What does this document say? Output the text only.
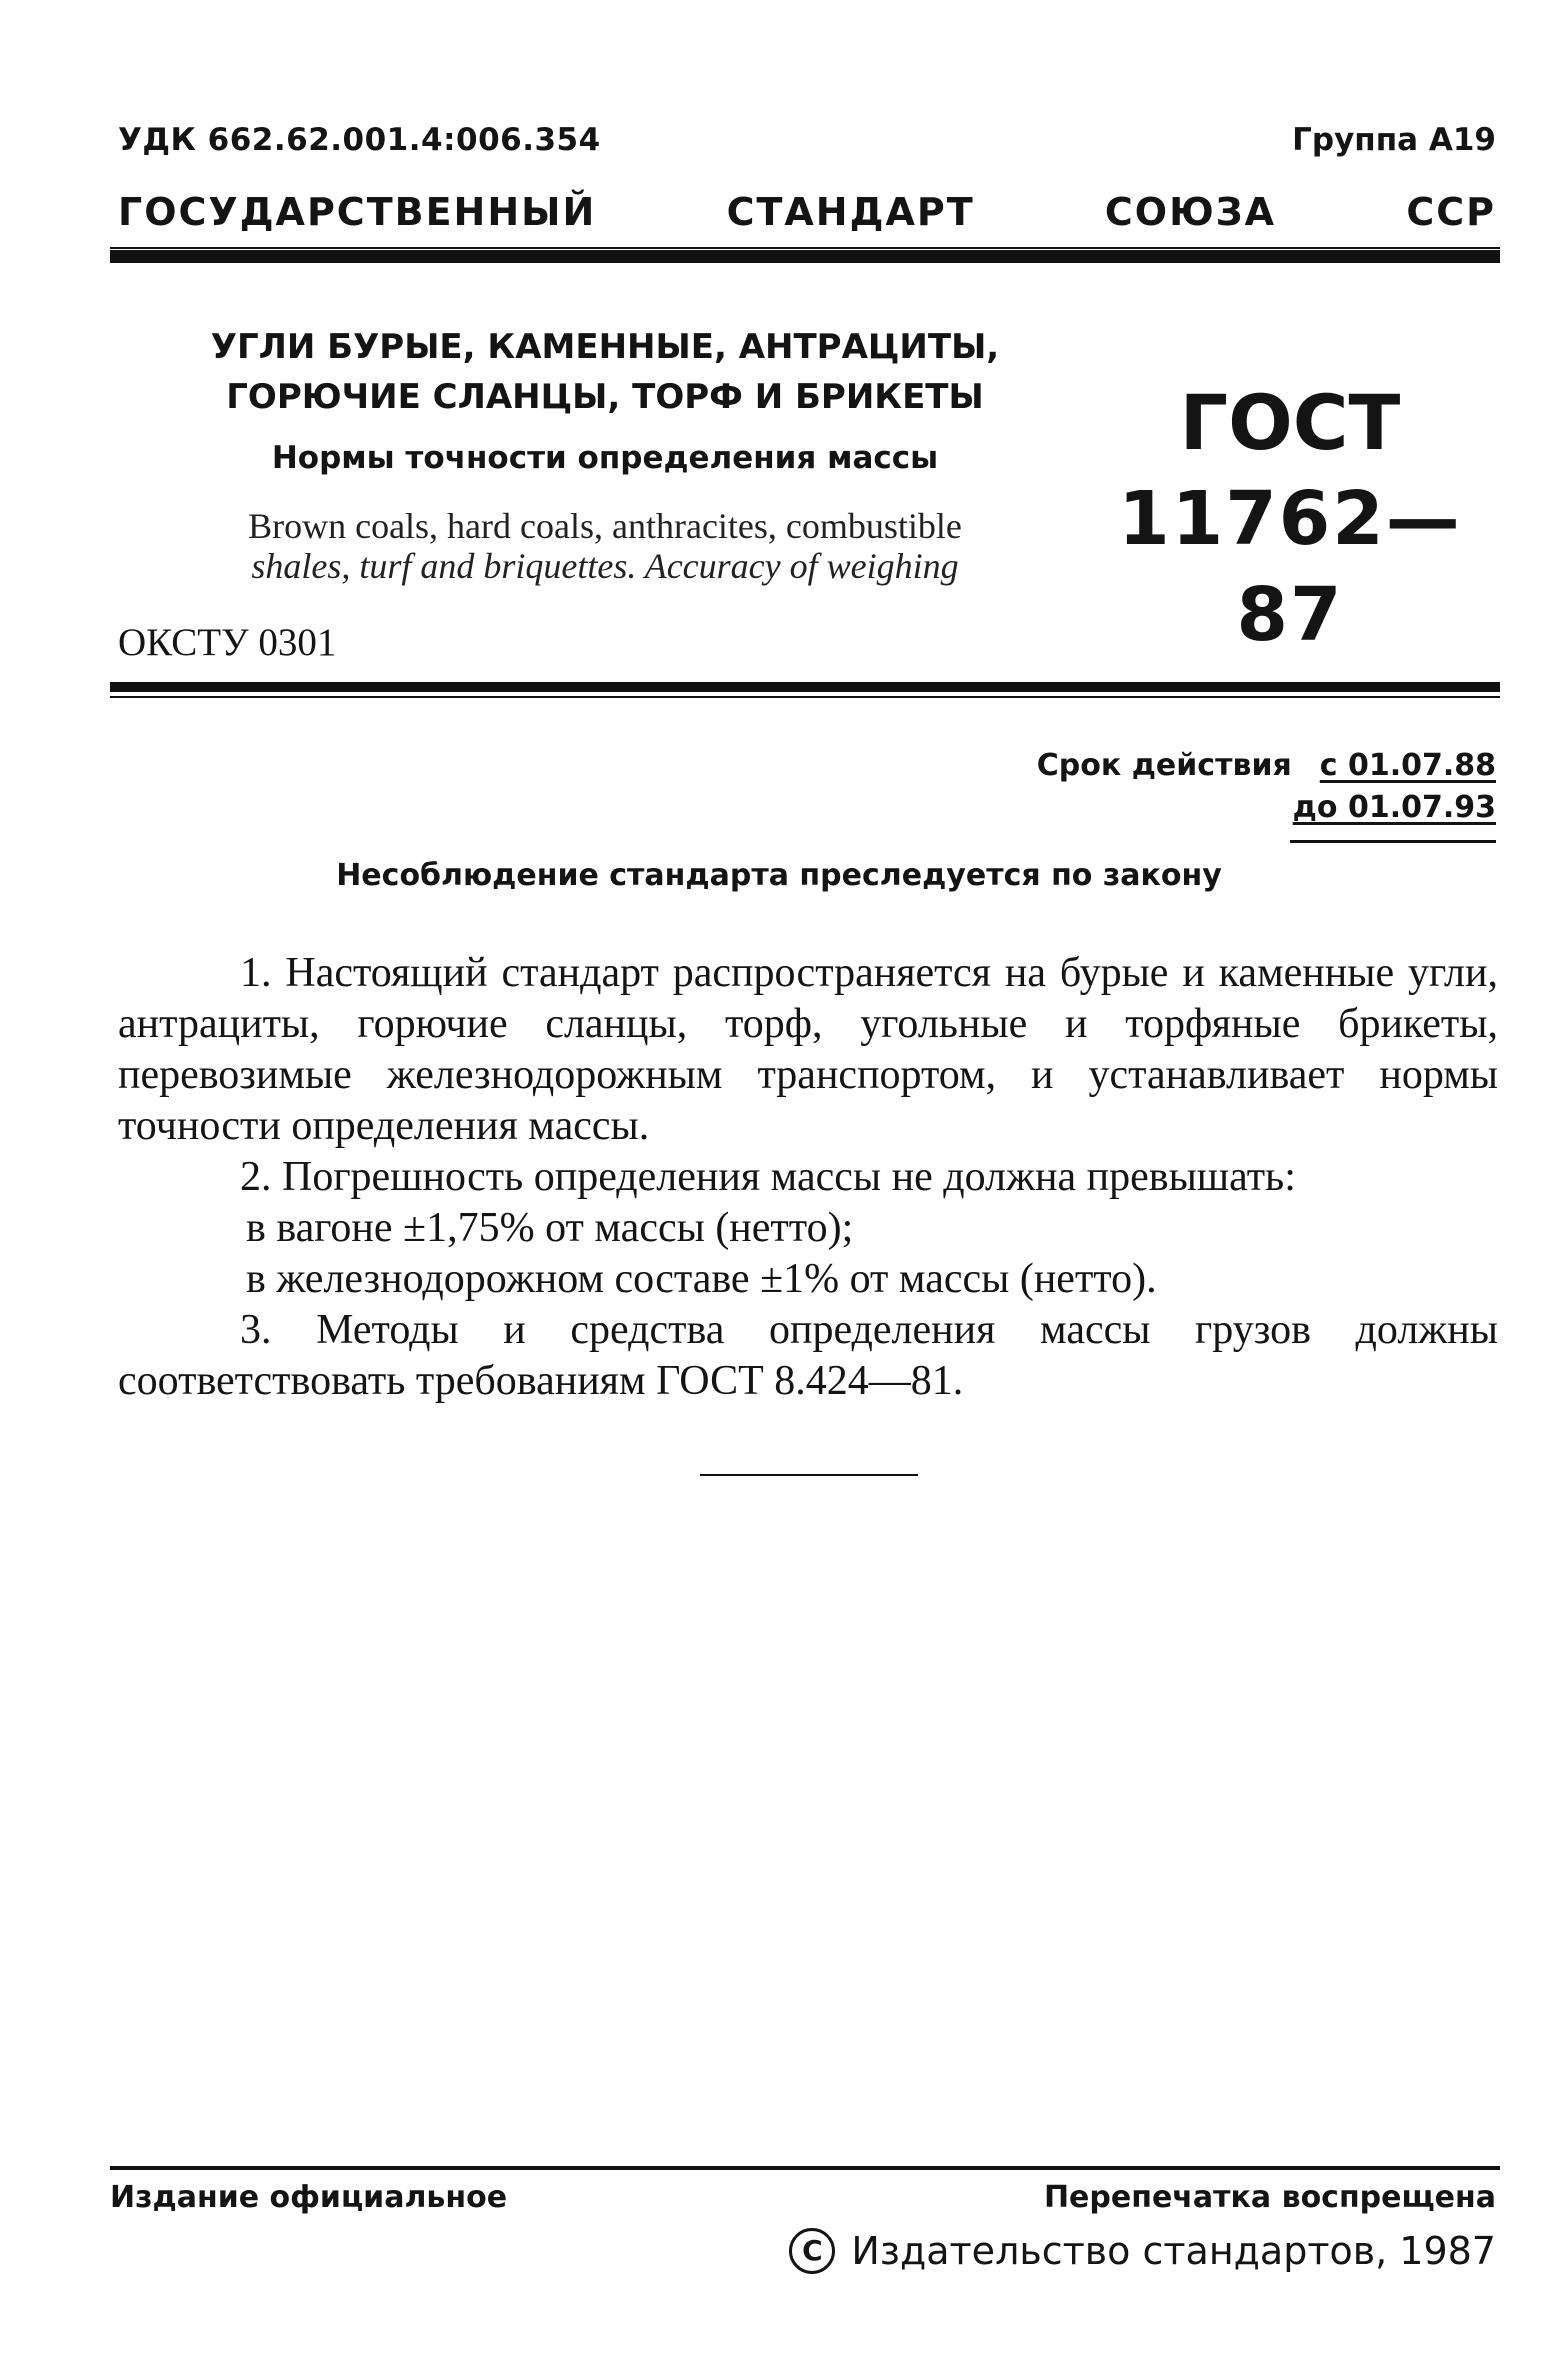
УДК 662.62.001.4:006.354	Группа А19
ГОСУДАРСТВЕННЫЙ	СТАНДАРТ	СОЮЗА	ССР

УГЛИ БУРЫЕ, КАМЕННЫЕ, АНТРАЦИТЫ,

ГОРЮЧИЕ СЛАНЦЫ, ТОРФ И БРИКЕТЫ

Нормы точности определения массы

Brown coals, hard coals, anthracites, combustible
shales, turf and briquettes. Accuracy of weighing

ГОСТ

11762—87

ОКСТУ 0301
Срок действия с 01.07.88
до 01.07.93
Несоблюдение стандарта преследуется по закону

1. Настоящий стандарт распространяется на бурые и каменные угли, антрациты, горючие сланцы, торф, угольные и торфяные брикеты, перевозимые железнодорожным транспортом, и устанавливает нормы точности определения массы.

2. Погрешность определения массы не должна превышать:

в вагоне ±1,75% от массы (нетто);

в железнодорожном составе ±1% от массы (нетто).

3. Методы и средства определения массы грузов должны соответствовать требованиям ГОСТ 8.424—81.

Издание официальное	Перепечатка воспрещена
C Издательство стандартов, 1987
